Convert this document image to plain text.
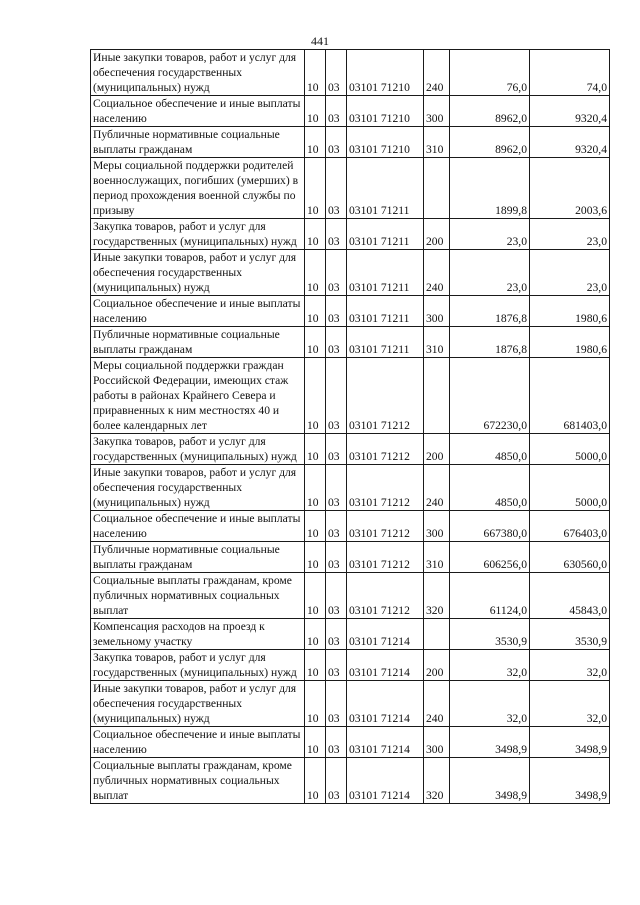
441
Иные закупки товаров, работ и услуг для обеспечения государственных (муниципальных) нужд	10	03	03101 71210	240	76,0	74,0
Социальное обеспечение и иные выплаты населению	10	03	03101 71210	300	8962,0	9320,4
Публичные нормативные социальные выплаты гражданам	10	03	03101 71210	310	8962,0	9320,4
Меры социальной поддержки родителей военнослужащих, погибших (умерших) в период прохождения военной службы по призыву	10	03	03101 71211		1899,8	2003,6
Закупка товаров, работ и услуг для государственных (муниципальных) нужд	10	03	03101 71211	200	23,0	23,0
Иные закупки товаров, работ и услуг для обеспечения государственных (муниципальных) нужд	10	03	03101 71211	240	23,0	23,0
Социальное обеспечение и иные выплаты населению	10	03	03101 71211	300	1876,8	1980,6
Публичные нормативные социальные выплаты гражданам	10	03	03101 71211	310	1876,8	1980,6
Меры социальной поддержки граждан Российской Федерации, имеющих стаж работы в районах Крайнего Севера и приравненных к ним местностях 40 и более календарных лет	10	03	03101 71212		672230,0	681403,0
Закупка товаров, работ и услуг для государственных (муниципальных) нужд	10	03	03101 71212	200	4850,0	5000,0
Иные закупки товаров, работ и услуг для обеспечения государственных (муниципальных) нужд	10	03	03101 71212	240	4850,0	5000,0
Социальное обеспечение и иные выплаты населению	10	03	03101 71212	300	667380,0	676403,0
Публичные нормативные социальные выплаты гражданам	10	03	03101 71212	310	606256,0	630560,0
Социальные выплаты гражданам, кроме публичных нормативных социальных выплат	10	03	03101 71212	320	61124,0	45843,0
Компенсация расходов на проезд к земельному участку	10	03	03101 71214		3530,9	3530,9
Закупка товаров, работ и услуг для государственных (муниципальных) нужд	10	03	03101 71214	200	32,0	32,0
Иные закупки товаров, работ и услуг для обеспечения государственных (муниципальных) нужд	10	03	03101 71214	240	32,0	32,0
Социальное обеспечение и иные выплаты населению	10	03	03101 71214	300	3498,9	3498,9
Социальные выплаты гражданам, кроме публичных нормативных социальных выплат	10	03	03101 71214	320	3498,9	3498,9
